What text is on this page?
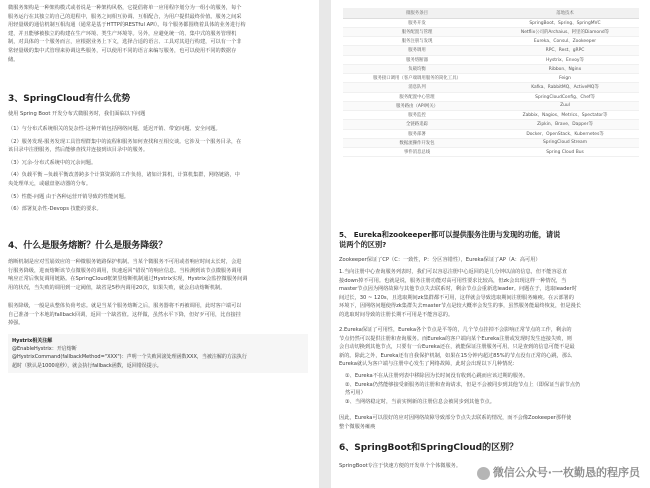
微服务架构是一种架构模式或者说是一种架构风格，它提倡将单一应用程序划分为一组小的服务，每个
服务运行在其独立的自己的进程中，服务之间相互协调、互相配合，为用户提供最终价值。服务之间采
用轻量级的通信机制互相沟通（通常是基于HTTP的RESTful API）。每个服务都围绕着具体的业务进行构
建，并且能够被独立的构建在生产环境、类生产环境等。另外，应避免统一的、集中式的服务管理机
制，对具体的一个服务而言，应根据业务上下文，选择合适的语言、工具对其进行构建，可以有一个非
常轻量级的集中式管理来协调这些服务，可以使用不同的语言来编写服务，也可以使用不同的数据存
储。
3、SpringCloud有什么优势
使用 Spring Boot 开发分布式微服务时，我们面临以下问题
（1）与分布式系统相关的复杂性-这种开销包括网络问题、延迟开销、带宽问题、安全问题。
（2）服务发现-服务发现工具管理群集中的流程和服务如何查找和互相交谈。它涉及一个服务目录，在
该目录中注册服务，然后能够查找并连接到该目录中的服务。
（3）冗余-分布式系统中的冗余问题。
（4）负载平衡 --负载平衡改善跨多个计算资源的工作负荷，诸如计算机，计算机集群，网络链路，中
央处理单元，或磁盘驱动器的分布。
（5）性能-问题 由于各种运营开销导致的性能问题。
（6）部署复杂性-Devops 技能的要求。
4、什么是服务熔断？什么是服务降级？
熔断机制是应对雪崩效应的一种微服务链路保护机制。当某个微服务不可用或者响应时间太长时，会进
行服务降级，进而熔断该节点微服务的调用，快速返回“错误”的响应信息。当检测到该节点微服务调用
响应正常后恢复调用链路。在SpringCloud框架里熔断机制通过Hystrix实现，Hystrix会监控微服务间调
用的状况，当失败的调用到一定阈值，缺省是5秒内调用20次，如果失败，就会启动熔断机制。
服务降级，一般是从整体负荷考虑。就是当某个服务熔断之后，服务器将不再被调用，此时客户端可以
自己准备一个本地的fallback回调，返回一个缺省值。这样做，虽然水平下降，但好歹可用，比直接挂
掉强。
Hystrix相关注解
@EnableHystrix：开启熔断
@HystrixCommand(fallbackMethod="XXX")：声明一个失败回滚处理函数XXX，当被注解的方法执行
超时（默认是1000毫秒），就会执行fallback函数，返回错误提示。
微服务条目	落地技术
服务开发	SpringBoot、Spring、SpringMVC
服务配置与管理	Netflix公司的Archaius、阿里的Diamond等
服务注册与发现	Eureka、Consul、Zookeeper
服务调用	RPC、Rest、gRPC
服务熔断器	Hystrix、Envoy等
负载均衡	Ribbon、Nginx
服务接口调用（客户端调用服务的简化工具）	Feign
消息队列	Kafka、RabbitMQ、ActiveMQ等
服务配置中心管理	SpringCloudConfig、Chef等
服务路由（API网关）	Zuul
服务监控	Zabbix、Nagios、Metrics、Spectator等
全链路追踪	Zipkin、Brave、Dapper等
服务部署	Docker、OpenStack、Kubernetes等
数据流操作开发包	SpringCloud Stream
事件消息总线	Spring Cloud Bus
5、 Eureka和zookeeper都可以提供服务注册与发现的功能，请说
说两个的区别?
Zookeeper保证了CP（C：一致性，P：分区容错性），Eureka保证了AP（A：高可用）
1.当向注册中心查询服务列表时，我们可以容忍注册中心返回的是几分钟以前的信息，但不能容忍直
接down掉不可用。也就是说，服务注册功能对高可用性要求比较高，但zk会出现这样一种情况，当
master节点因为网络故障与其他节点失去联系时，剩余节点会重新选leader。问题在于，选取leader时
间过长，30 ~ 120s，且选取期间zk集群都不可用，这样就会导致选取期间注册服务瘫痪。在云部署的
环境下，因网络问题使得zk集群失去master节点是较大概率会发生的事，虽然服务能最终恢复，但是漫长
的选取时间导致的注册长期不可用是不能容忍的。
2.Eureka保证了可用性，Eureka各个节点是平等的，几个节点挂掉不会影响正常节点的工作，剩余的
节点仍然可以提供注册和查询服务。而Eureka的客户端向某个Eureka注册或发现时发生连接失败，则
会自动切换到其他节点，只要有一台Eureka还在，就能保证注册服务可用，只是查到的信息可能不是最
新的。除此之外，Eureka还有自我保护机制，如果在15分钟内超过85%的节点没有正常的心跳，那么
Eureka就认为客户端与注册中心发生了网络故障，此时会出现以下几种情况：
①、Eureka不在从注册列表中移除因为长时间没有收到心跳而应该过期的服务。
②、Eureka仍然能够接受新服务的注册和查询请求，但是不会被同步到其他节点上（即保证当前节点仍
然可用）
③、当网络稳定时，当前实例新的注册信息会被同步到其他节点。
因此，Eureka可以很好的应对因网络故障导致部分节点失去联系的情况，而不会像Zookeeper那样使
整个微服务瘫痪
6、SpringBoot和SpringCloud的区别？
SpringBoot专注于快速方便的开发单个个体微服务。	微信公众号·一枚勤恳的程序员
